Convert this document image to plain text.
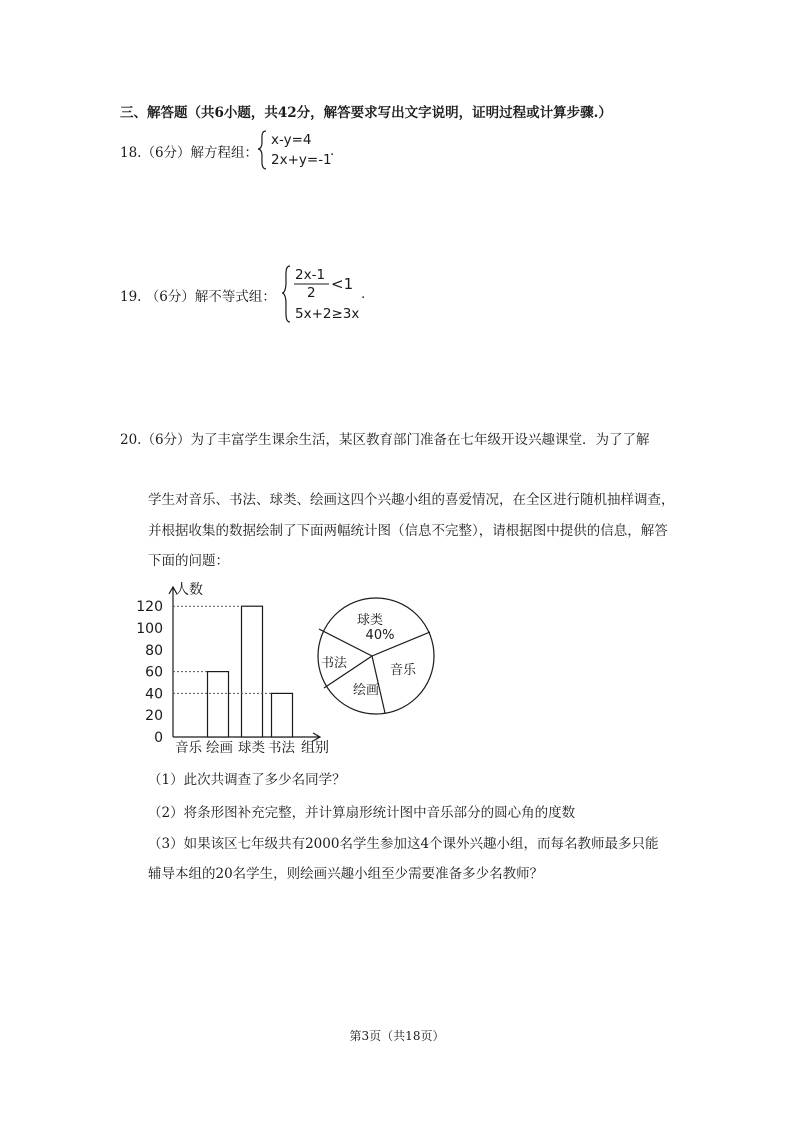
三、解答题（共6小题，共42分，解答要求写出文字说明，证明过程或计算步骤.）
18.（6分）解方程组：
x-y=4
2x+y=-1
.
19. （6分）解不等式组：
2x-1
2 <1
5x+2≥3x
.
20.（6分）为了丰富学生课余生活，某区教育部门准备在七年级开设兴趣课堂．为了了解
学生对音乐、书法、球类、绘画这四个兴趣小组的喜爱情况，在全区进行随机抽样调查，
并根据收集的数据绘制了下面两幅统计图（信息不完整），请根据图中提供的信息，解答
下面的问题：
人数
组别
0
20
40
60
80
100
120
音乐 绘画 球类 书法
球类
40%
音乐
绘画
书法
（1）此次共调查了多少名同学？
（2）将条形图补充完整，并计算扇形统计图中音乐部分的圆心角的度数
（3）如果该区七年级共有2000名学生参加这4个课外兴趣小组，而每名教师最多只能
辅导本组的20名学生，则绘画兴趣小组至少需要准备多少名教师？
第3页（共18页）
